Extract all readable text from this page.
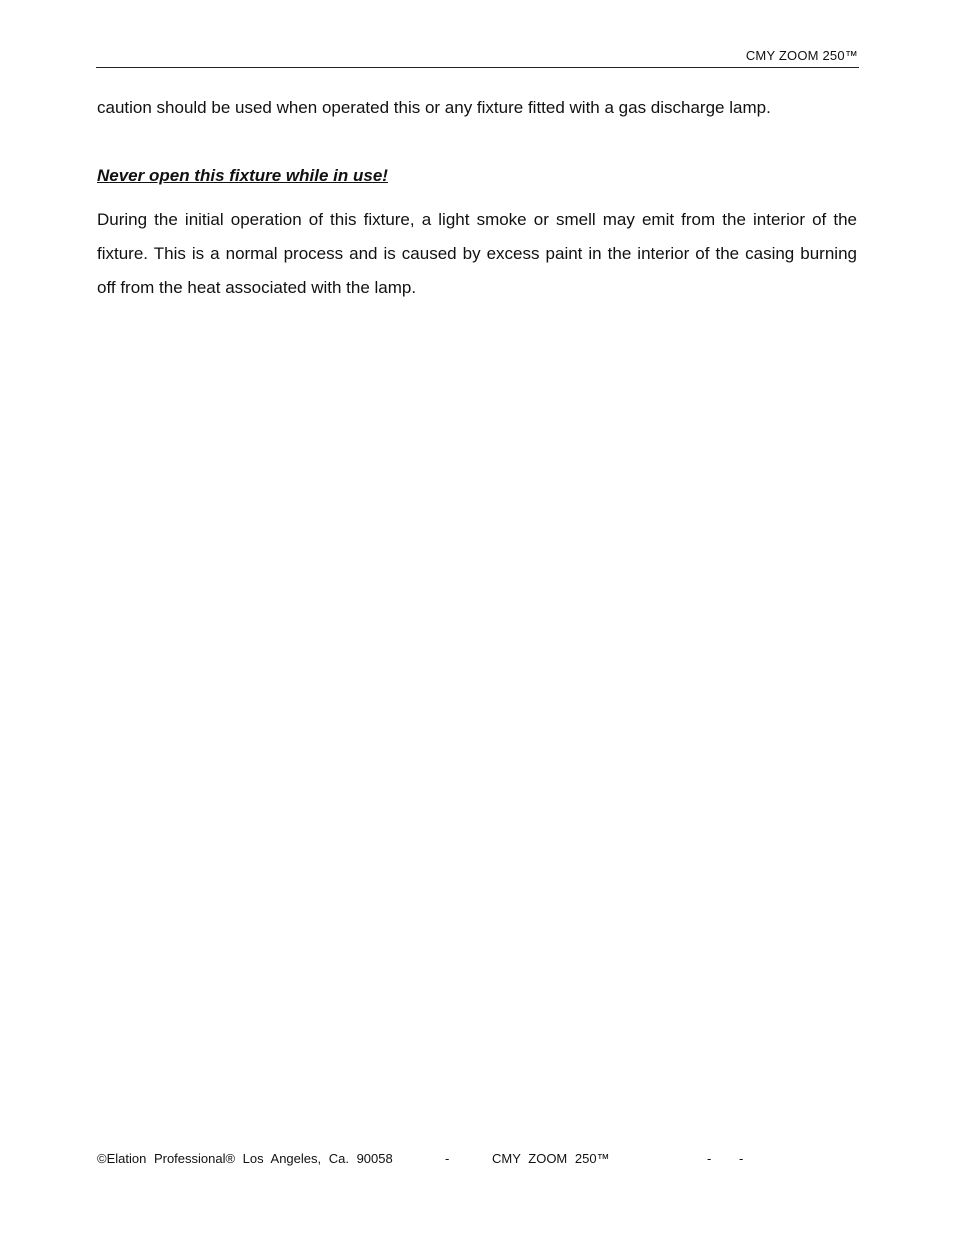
CMY ZOOM 250™
caution should be used when operated this or any fixture fitted with a gas discharge lamp.
Never open this fixture while in use!

During the initial operation of this fixture, a light smoke or smell may emit from the interior of the fixture. This is a normal process and is caused by excess paint in the interior of the casing burning off from the heat associated with the lamp.

©Elation Professional® Los Angeles, Ca. 90058	-	CMY ZOOM 250™	- -
